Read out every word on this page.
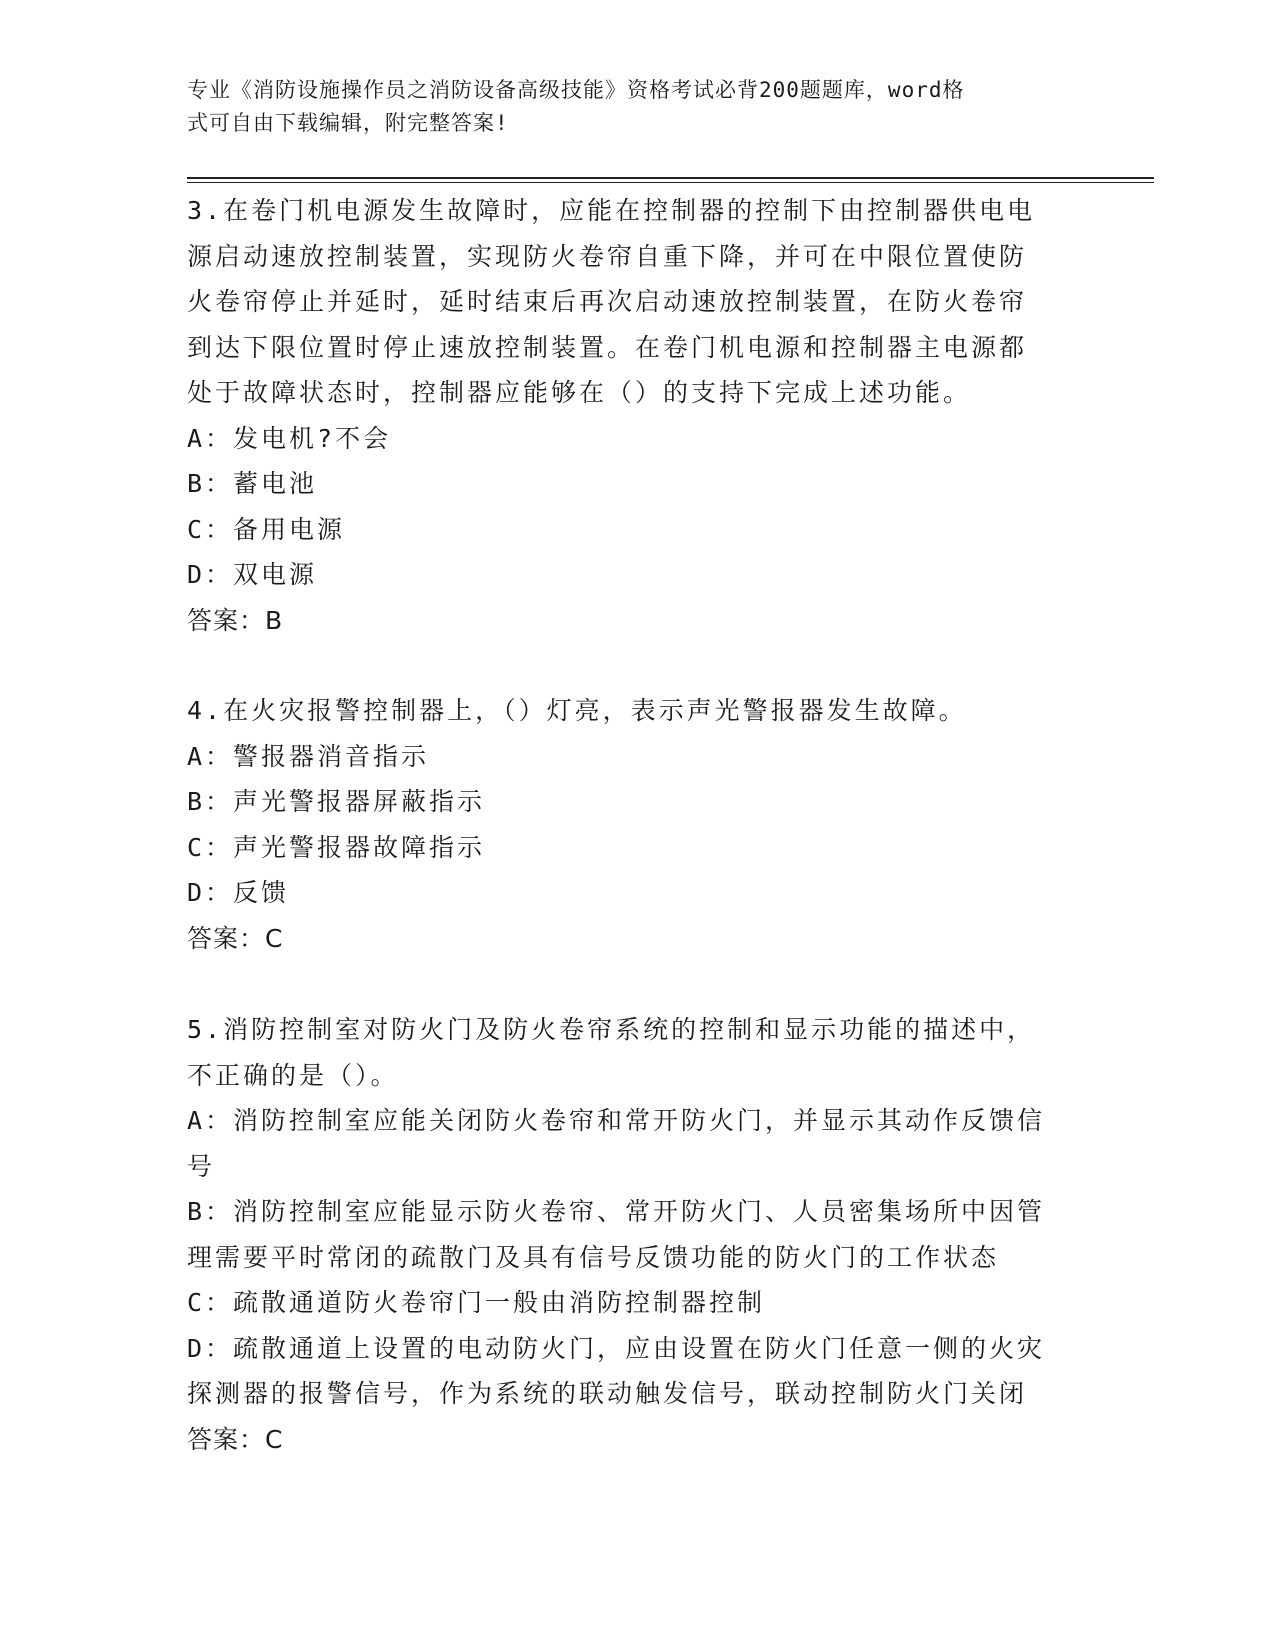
专业《消防设施操作员之消防设备高级技能》资格考试必背200题题库，word格
式可自由下载编辑，附完整答案!

3.在卷门机电源发生故障时，应能在控制器的控制下由控制器供电电
源启动速放控制装置，实现防火卷帘自重下降，并可在中限位置使防
火卷帘停止并延时，延时结束后再次启动速放控制装置，在防火卷帘
到达下限位置时停止速放控制装置。在卷门机电源和控制器主电源都
处于故障状态时，控制器应能够在（）的支持下完成上述功能。

A：发电机?不会
B：蓄电池
C：备用电源
D：双电源

答案：B

4.在火灾报警控制器上，（）灯亮，表示声光警报器发生故障。

A：警报器消音指示
B：声光警报器屏蔽指示
C：声光警报器故障指示
D：反馈

答案：C

5.消防控制室对防火门及防火卷帘系统的控制和显示功能的描述中，
不正确的是（）。

A：消防控制室应能关闭防火卷帘和常开防火门，并显示其动作反馈信
号
B：消防控制室应能显示防火卷帘、常开防火门、人员密集场所中因管
理需要平时常闭的疏散门及具有信号反馈功能的防火门的工作状态
C：疏散通道防火卷帘门一般由消防控制器控制
D：疏散通道上设置的电动防火门，应由设置在防火门任意一侧的火灾
探测器的报警信号，作为系统的联动触发信号，联动控制防火门关闭

答案：C
